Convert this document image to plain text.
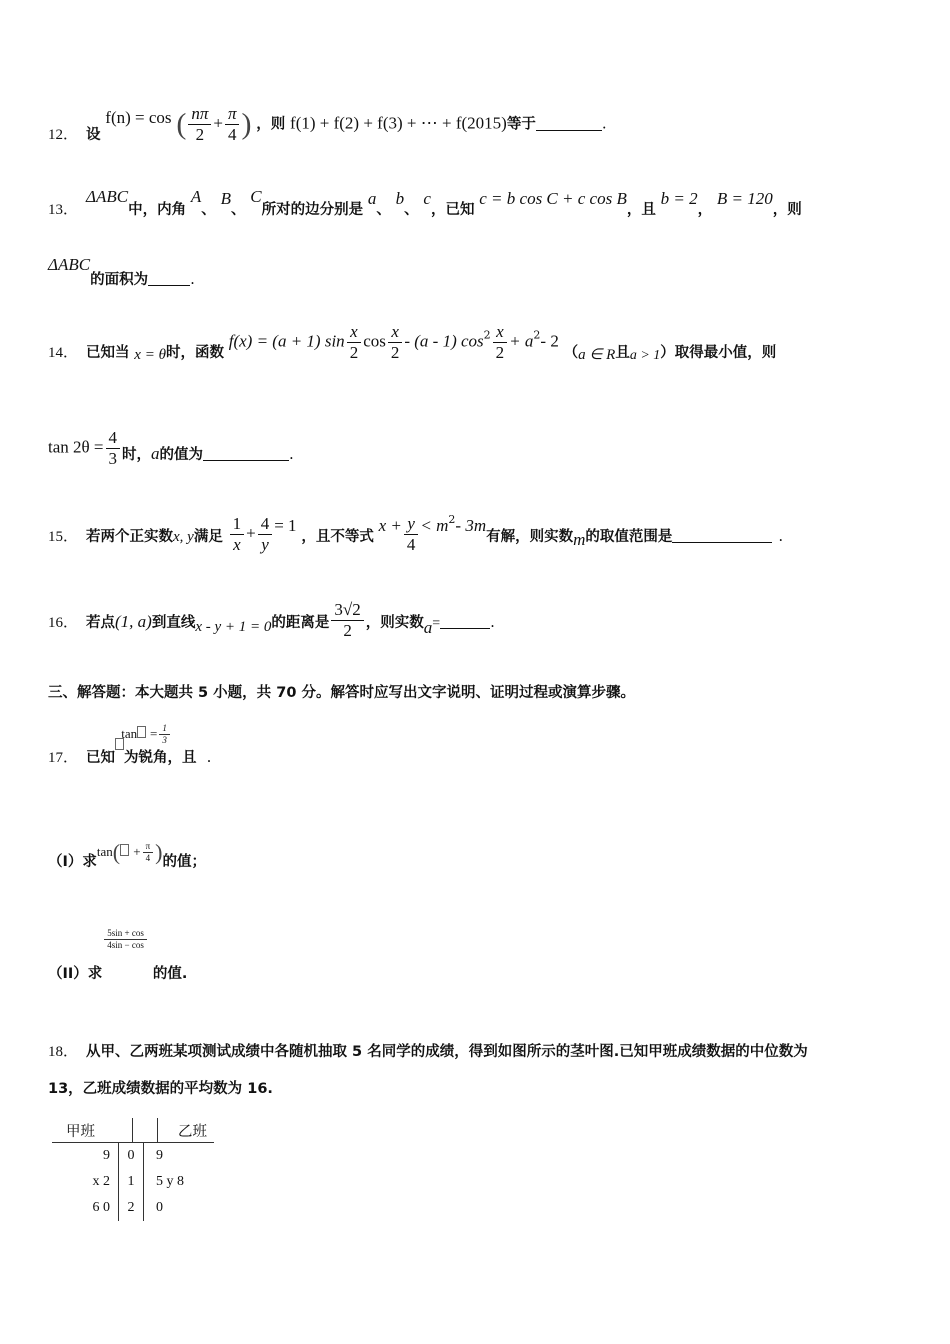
12． 设 f(n) = cos ( $\frac{n\pi}{2} + \frac{\pi}{4}$ ) ，则 f(1) + f(2) + f(3) + ⋯ + f(2015)等于	.
13．ΔABC中，内角 A、 B、 C所对的边分别是 a、 b、 c，已知 c = b cos C + c cos B，且 b = 2， B = 120，则
ΔABC的面积为	.
14． 已知当 x = θ时，函数 f(x) = (a + 1) $\sin \frac{x}{2}$ $\cos \frac{x}{2} - (a - 1)$ $\cos^2 \frac{x}{2} + a^2-$ 2 （a ∈ R且a > 1）取得最小值，则
$\tan 2\theta = \frac{4}{3}$ 时，a的值为	.
15． 若两个正实数x, y满足 $\frac{1}{x} + \frac{4}{y} = 1$ ，且不等式 $x + \frac{y}{4} < m^2-$ 3m有解，则实数m的取值范围是	.
16． 若点(1, a)到直线x - y + 1 = 0的距离是 $\frac{3√2}{2}$ ，则实数a=	.
三、解答题：本大题共 5 小题，共 70 分。解答时应写出文字说明、证明过程或演算步骤。
17． 已知 为锐角，且 $\tan = \frac{1}{3}$
.
（I）求$\tan( + \frac{\pi}{4}$ )的值；
（II）求
$\frac{5\sin + \cos}{4\sin - \cos}$
的值.
18． 从甲、乙两班某项测试成绩中各随机抽取 5 名同学的成绩，得到如图所示的茎叶图.已知甲班成绩数据的中位数为
13，乙班成绩数据的平均数为 16.
甲班	乙班
9	0	9
x 2	1	5 y 8
6 0	2	0
